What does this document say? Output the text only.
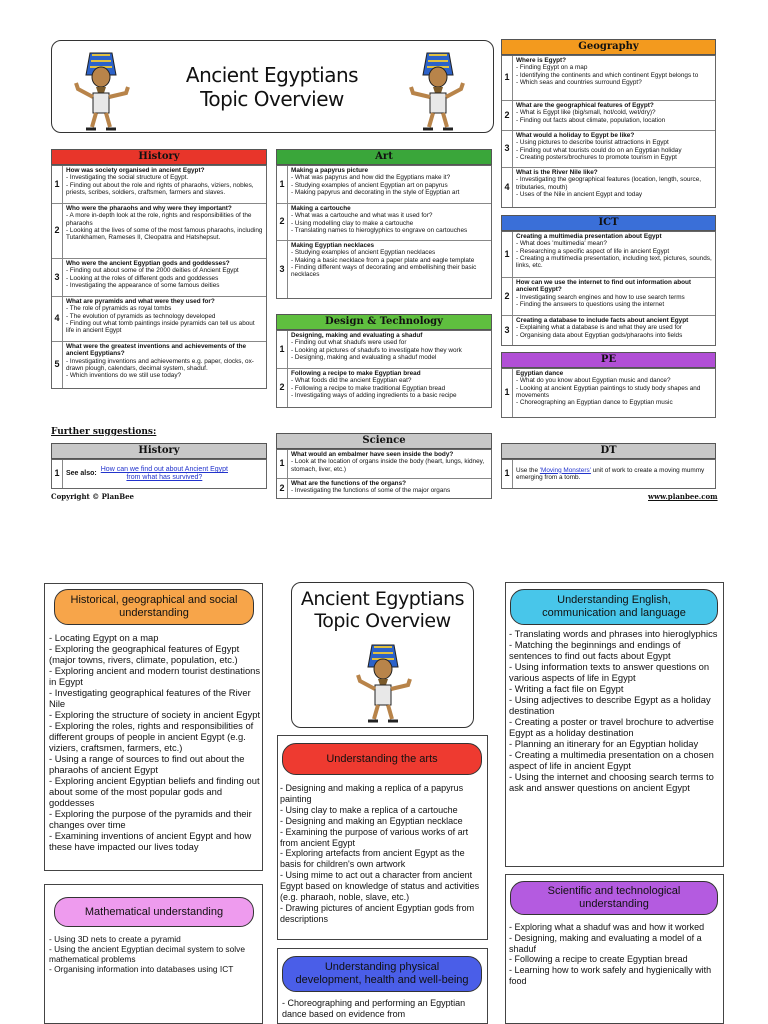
Ancient Egyptians
Topic Overview
History
1
How was society organised in ancient Egypt?
- Investigating the social structure of Egypt.
- Finding out about the role and rights of pharaohs, viziers, nobles, priests, scribes, soldiers, craftsmen, farmers and slaves.
2
Who were the pharaohs and why were they important?
- A more in-depth look at the role, rights and responsibilities of the pharaohs
- Looking at the lives of some of the most famous pharaohs, including Tutankhamen, Rameses II, Cleopatra and Hatshepsut.
3
Who were the ancient Egyptian gods and goddesses?
- Finding out about some of the 2000 deities of Ancient Egypt
- Looking at the roles of different gods and goddesses
- Investigating the appearance of some famous deities
4
What are pyramids and what were they used for?
- The role of pyramids as royal tombs
- The evolution of pyramids as technology developed
- Finding out what tomb paintings inside pyramids can tell us about life in ancient Egypt
5
What were the greatest inventions and achievements of the ancient Egyptians?
- Investigating inventions and achievements e.g. paper, clocks, ox-drawn plough, calendars, decimal system, shaduf.
- Which inventions do we still use today?
Art
1
Making a papyrus picture
- What was papyrus and how did the Egyptians make it?
- Studying examples of ancient Egyptian art on papyrus
- Making papyrus and decorating in the style of Egyptian art
2
Making a cartouche
- What was a cartouche and what was it used for?
- Using modelling clay to make a cartouche
- Translating names to hieroglyphics to engrave on cartouches
3
Making Egyptian necklaces
- Studying examples of ancient Egyptian necklaces
- Making a basic necklace from a paper plate and eagle template
- Finding different ways of decorating and embellishing their basic necklaces
Design & Technology
1
Designing, making and evaluating a shaduf
- Finding out what shadufs were used for
- Looking at pictures of shadufs to investigate how they work
- Designing, making and evaluating a shaduf model
2
Following a recipe to make Egyptian bread
- What foods did the ancient Egyptian eat?
- Following a recipe to make traditional Egyptian bread
- Investigating ways of adding ingredients to a basic recipe
Geography
1
Where is Egypt?
- Finding Egypt on a map
- Identifying the continents and which continent Egypt belongs to
- Which seas and countries surround Egypt?
2
What are the geographical features of Egypt?
- What is Egypt like (big/small, hot/cold, wet/dry)?
- Finding out facts about climate, population, location
3
What would a holiday to Egypt be like?
- Using pictures to describe tourist attractions in Egypt
- Finding out what tourists could do on an Egyptian holiday
- Creating posters/brochures to promote tourism in Egypt
4
What is the River Nile like?
- Investigating the geographical features (location, length, source, tributaries, mouth)
- Uses of the Nile in ancient Egypt and today
ICT
1
Creating a multimedia presentation about Egypt
- What does 'multimedia' mean?
- Researching a specific aspect of life in ancient Egypt
- Creating a multimedia presentation, including text, pictures, sounds, links, etc.
2
How can we use the internet to find out information about ancient Egypt?
- Investigating search engines and how to use search terms
- Finding the answers to questions using the internet
3
Creating a database to include facts about ancient Egypt
- Explaining what a database is and what they are used for
- Organising data about Egyptian gods/pharaohs into fields
PE
1
Egyptian dance
- What do you know about Egyptian music and dance?
- Looking at ancient Egyptian paintings to study body shapes and movements
- Choreographing an Egyptian dance to Egyptian music
Further suggestions:
History
1 See also:
How can we find out about Ancient Egypt
from what has survived?
Science
1
What would an embalmer have seen inside the body?
- Look at the location of organs inside the body (heart, lungs, kidney, stomach, liver, etc.)
2	What are the functions of the organs?
- Investigating the functions of some of the major organs
DT
1	Use the 'Moving Monsters' unit of work to create a moving mummy emerging from a tomb.
Copyright © PlanBee	www.planbee.com
Historical, geographical and social understanding
- Locating Egypt on a map
- Exploring the geographical features of Egypt (major towns, rivers, climate, population, etc.)
- Exploring ancient and modern tourist destinations in Egypt
- Investigating geographical features of the River Nile
- Exploring the structure of society in ancient Egypt
- Exploring the roles, rights and responsibilities of different groups of people in ancient Egypt (e.g. viziers, craftsmen, farmers, etc.)
- Using a range of sources to find out about the pharaohs of ancient Egypt
- Exploring ancient Egyptian beliefs and finding out about some of the most popular gods and goddesses
- Exploring the purpose of the pyramids and their changes over time
- Examining inventions of ancient Egypt and how these have impacted our lives today
Mathematical understanding
- Using 3D nets to create a pyramid
- Using the ancient Egyptian decimal system to solve mathematical problems
- Organising information into databases using ICT
Ancient Egyptians
Topic Overview
Understanding the arts
- Designing and making a replica of a papyrus painting
- Using clay to make a replica of a cartouche
- Designing and making an Egyptian necklace
- Examining the purpose of various works of art from ancient Egypt
- Exploring artefacts from ancient Egypt as the basis for children's own artwork
- Using mime to act out a character from ancient Egypt based on knowledge of status and activities (e.g. pharaoh, noble, slave, etc.)
- Drawing pictures of ancient Egyptian gods from descriptions
Understanding physical development, health and well-being
- Choreographing and performing an Egyptian dance based on evidence from
Understanding English, communication and language
- Translating words and phrases into hieroglyphics
- Matching the beginnings and endings of sentences to find out facts about Egypt
- Using information texts to answer questions on various aspects of life in Egypt
- Writing a fact file on Egypt
- Using adjectives to describe Egypt as a holiday destination
- Creating a poster or travel brochure to advertise Egypt as a holiday destination
- Planning an itinerary for an Egyptian holiday
- Creating a multimedia presentation on a chosen aspect of life in ancient Egypt
- Using the internet and choosing search terms to ask and answer questions on ancient Egypt
Scientific and technological understanding
- Exploring what a shaduf was and how it worked
- Designing, making and evaluating a model of a shaduf
- Following a recipe to create Egyptian bread
- Learning how to work safely and hygienically with food
